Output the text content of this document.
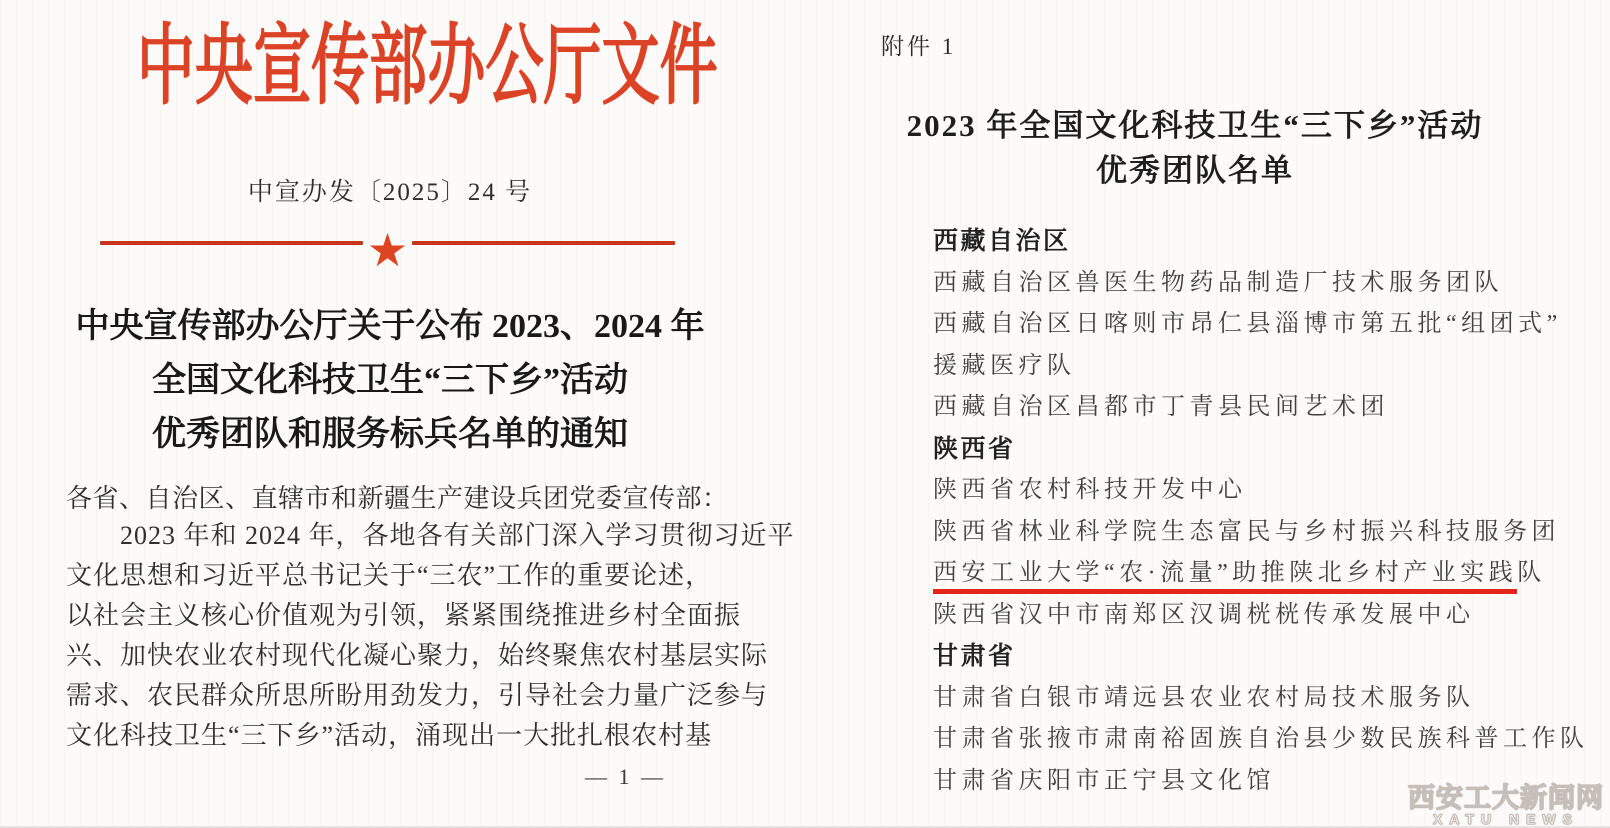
中央宣传部办公厅文件
中宣办发〔2025〕24 号
★
中央宣传部办公厅关于公布 2023、2024 年
全国文化科技卫生“三下乡”活动
优秀团队和服务标兵名单的通知
各省、自治区、直辖市和新疆生产建设兵团党委宣传部：
2023 年和 2024 年，各地各有关部门深入学习贯彻习近平
文化思想和习近平总书记关于“三农”工作的重要论述，
以社会主义核心价值观为引领，紧紧围绕推进乡村全面振
兴、加快农业农村现代化凝心聚力，始终聚焦农村基层实际
需求、农民群众所思所盼用劲发力，引导社会力量广泛参与
文化科技卫生“三下乡”活动，涌现出一大批扎根农村基
— 1 —
附件 1
2023 年全国文化科技卫生“三下乡”活动
优秀团队名单
西藏自治区
西藏自治区兽医生物药品制造厂技术服务团队
西藏自治区日喀则市昂仁县淄博市第五批“组团式”
援藏医疗队
西藏自治区昌都市丁青县民间艺术团
陕西省
陕西省农村科技开发中心
陕西省林业科学院生态富民与乡村振兴科技服务团
西安工业大学“农·流量”助推陕北乡村产业实践队
陕西省汉中市南郑区汉调桄桄传承发展中心
甘肃省
甘肃省白银市靖远县农业农村局技术服务队
甘肃省张掖市肃南裕固族自治县少数民族科普工作队
甘肃省庆阳市正宁县文化馆
西安工大新闻网
XATU NEWS
